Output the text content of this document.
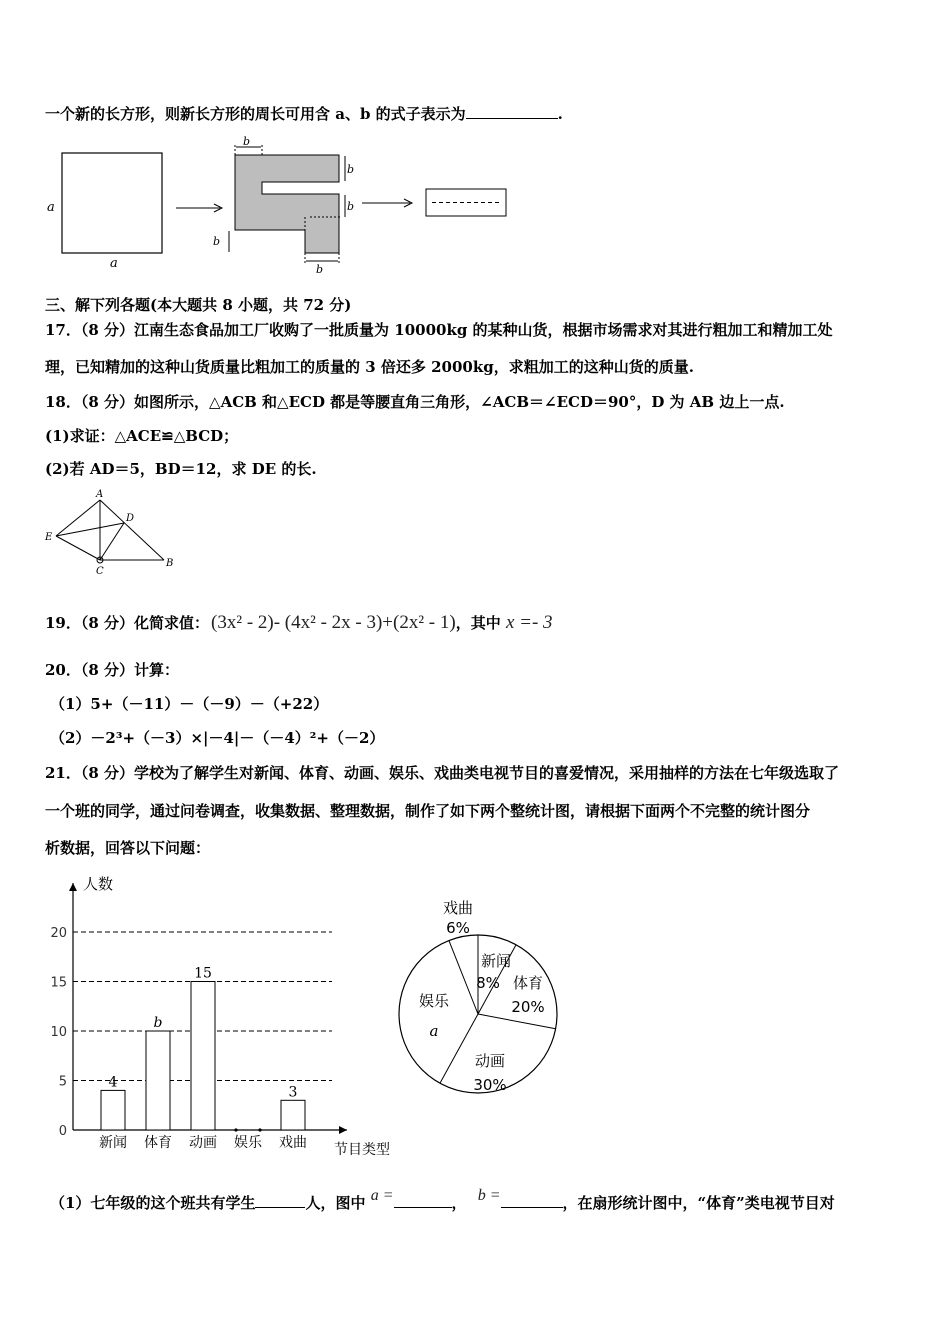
一个新的长方形，则新长方形的周长可用含 a、b 的式子表示为	.
a
a
b
b
b
b
b
三、解下列各题(本大题共 8 小题，共 72 分)
17．（8 分）江南生态食品加工厂收购了一批质量为 10000kg 的某种山货，根据市场需求对其进行粗加工和精加工处
理，已知精加的这种山货质量比粗加工的质量的 3 倍还多 2000kg，求粗加工的这种山货的质量.
18．（8 分）如图所示，△ACB 和△ECD 都是等腰直角三角形，∠ACB＝∠ECD＝90°，D 为 AB 边上一点.
(1)求证：△ACE≌△BCD；
(2)若 AD＝5，BD＝12，求 DE 的长.
A
D
E
C
B
19．（8 分）化简求值： (3x² - 2)- (4x² - 2x - 3)+(2x² - 1)，其中 x =- 3
20．（8 分）计算：
（1）5+（－11）－（－9）－（+22）
（2）－2³+（－3）×|－4|－（－4）²+（－2）
21．（8 分）学校为了解学生对新闻、体育、动画、娱乐、戏曲类电视节目的喜爱情况，采用抽样的方法在七年级选取了
一个班的同学，通过问卷调查，收集数据、整理数据，制作了如下两个整统计图，请根据下面两个不完整的统计图分
析数据，回答以下问题：
人数
节目类型
0
5
10
15
20
4
新闻
b
体育
15
动画 娱乐
3
戏曲
戏曲
6%
新闻
8% 体育
20%
动画
30%
娱乐
a
（1）七年级的这个班共有学生	人，图中 a =	， b =	，在扇形统计图中，“体育”类电视节目对
